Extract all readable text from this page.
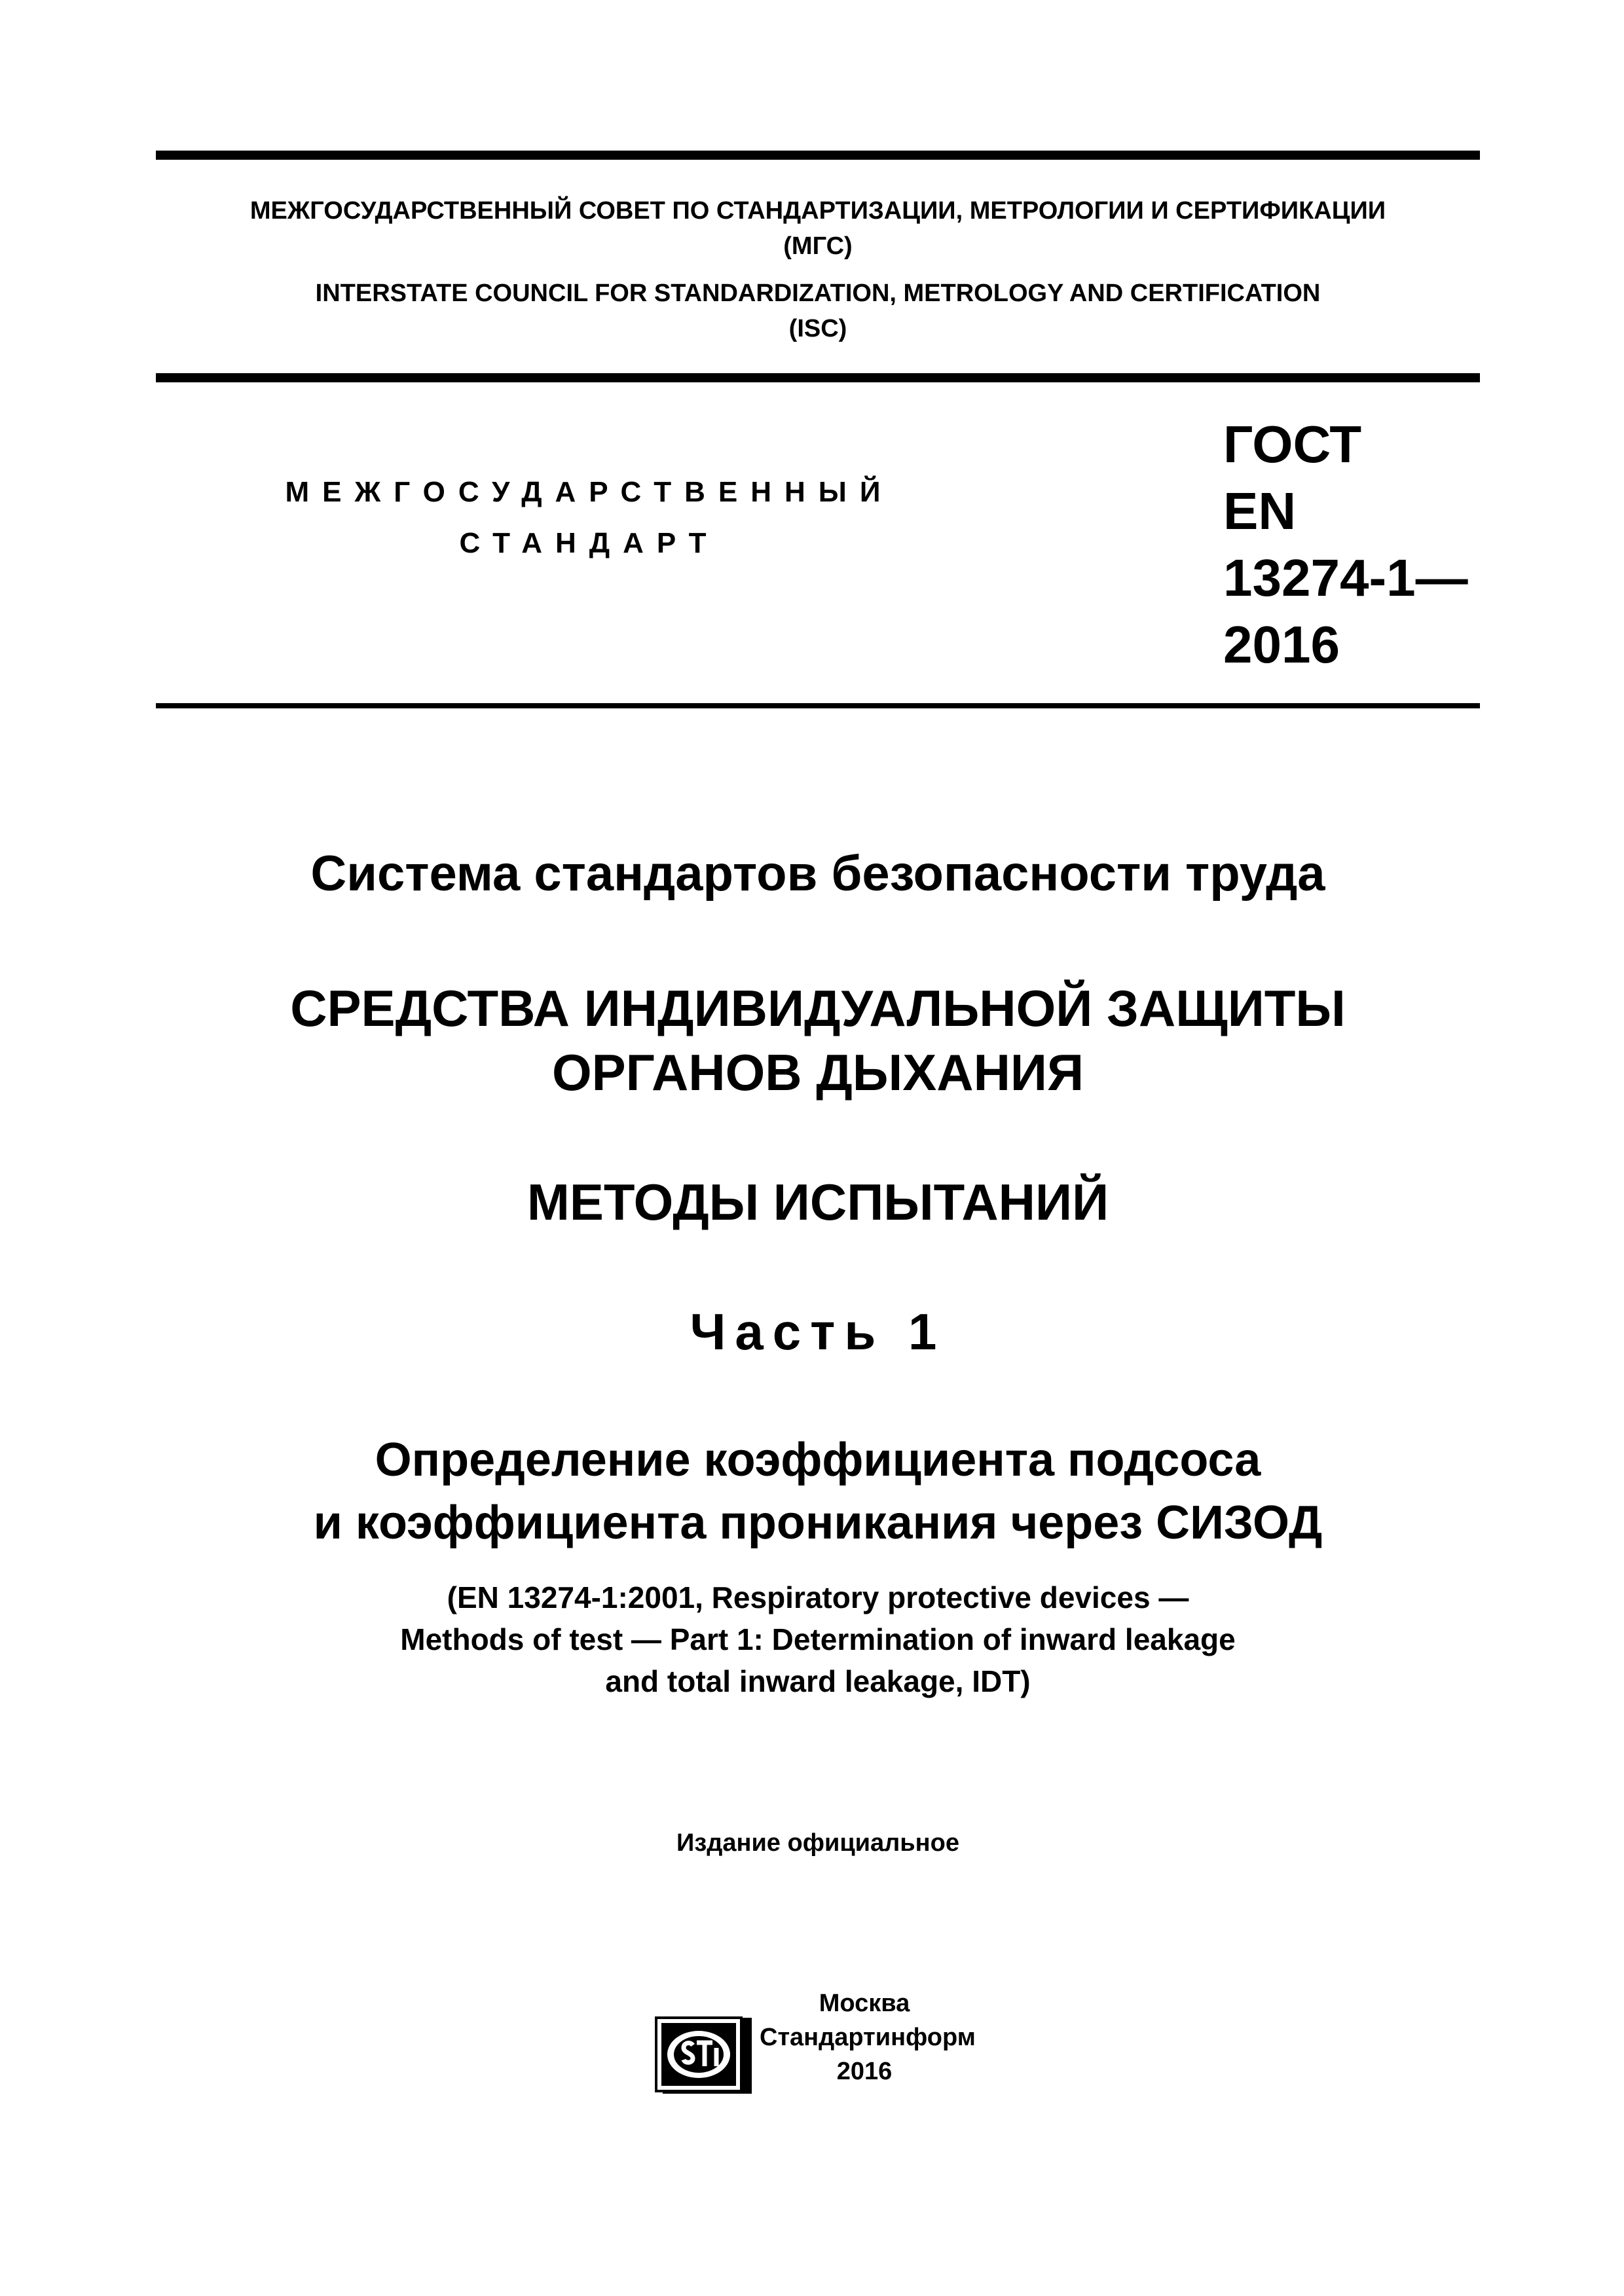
МЕЖГОСУДАРСТВЕННЫЙ СОВЕТ ПО СТАНДАРТИЗАЦИИ, МЕТРОЛОГИИ И СЕРТИФИКАЦИИ
(МГС)
INTERSTATE COUNCIL FOR STANDARDIZATION, METROLOGY AND CERTIFICATION
(ISC)
МЕЖГОСУДАРСТВЕННЫЙ
СТАНДАРТ
ГОСТ
EN
13274-1—
2016
Система стандартов безопасности труда
СРЕДСТВА ИНДИВИДУАЛЬНОЙ ЗАЩИТЫ
ОРГАНОВ ДЫХАНИЯ
МЕТОДЫ ИСПЫТАНИЙ
Часть 1
Определение коэффициента подсоса
и коэффициента проникания через СИЗОД
(EN 13274-1:2001, Respiratory protective devices —
Methods of test — Part 1: Determination of inward leakage
and total inward leakage, IDT)
Издание официальное
Москва
Стандартинформ
2016
